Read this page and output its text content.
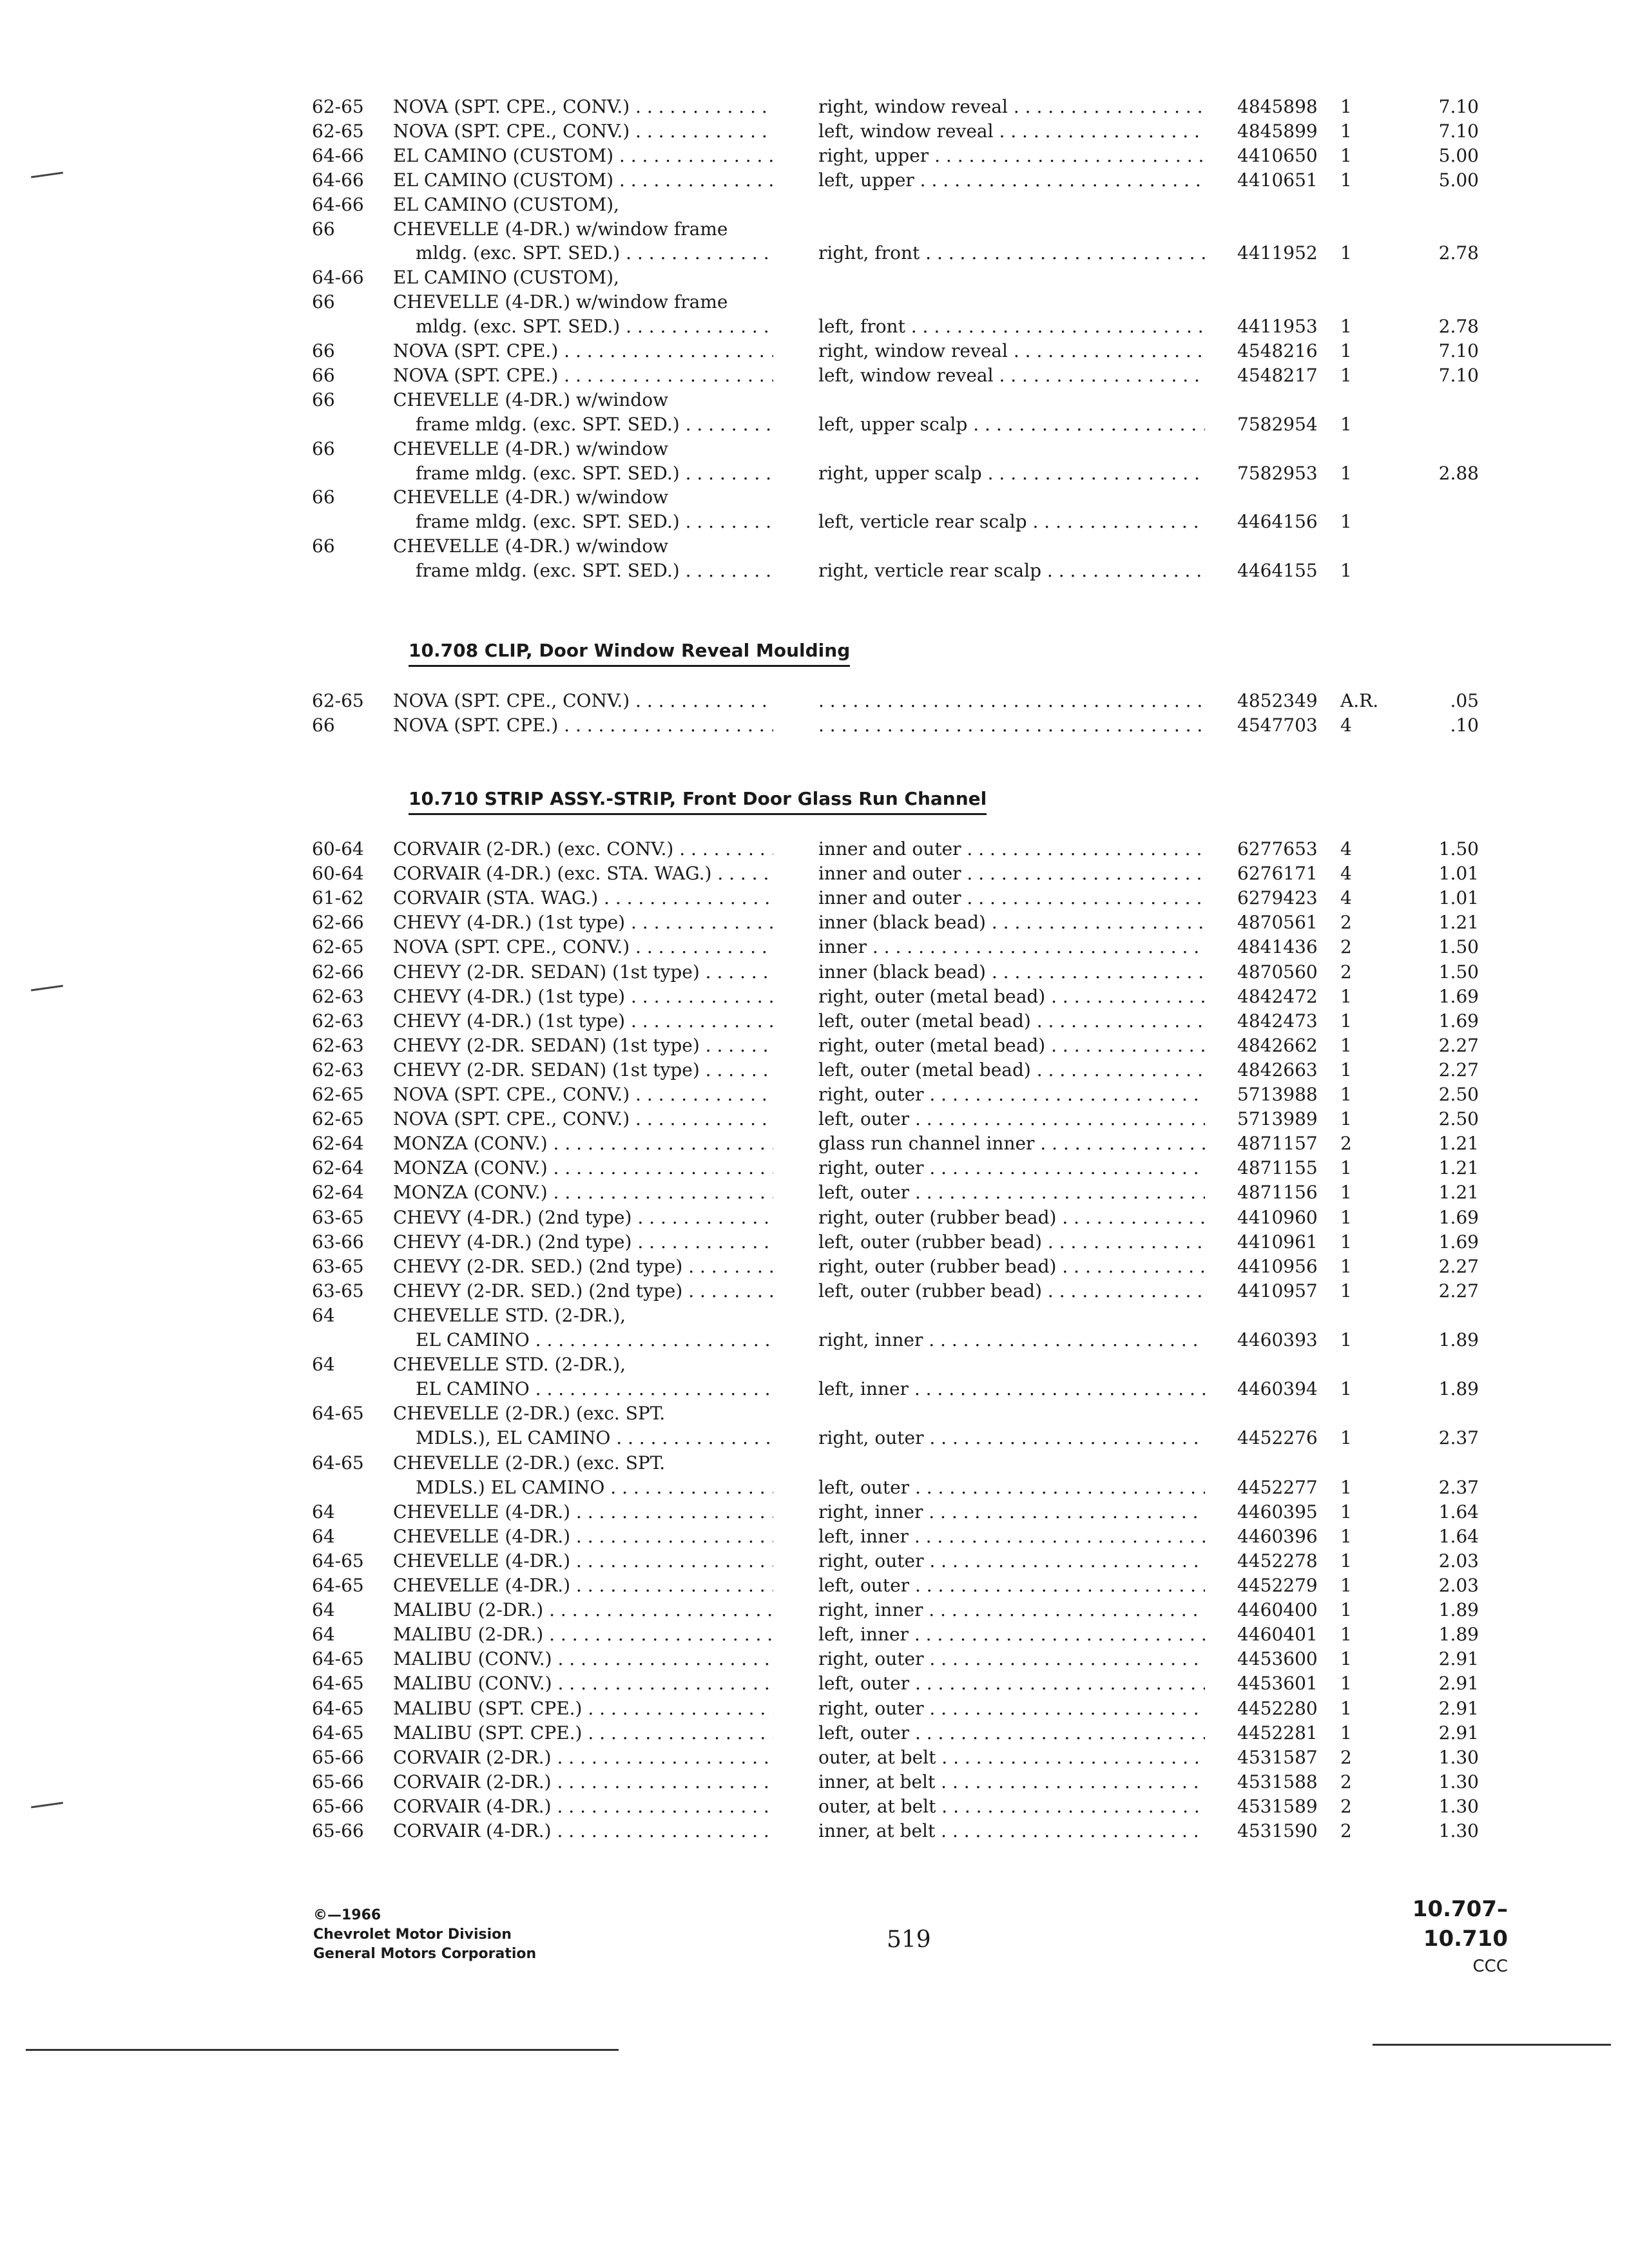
62-65 NOVA (SPT. CPE., CONV.) . . .	right, window reveal . . .	4845898 1	7.10
62-65 NOVA (SPT. CPE., CONV.) . . .	left, window reveal . . .	4845899 1	7.10
64-66 EL CAMINO (CUSTOM) . . .	right, upper . . .	4410650 1	5.00
64-66 EL CAMINO (CUSTOM) . . .	left, upper . . .	4410651 1	5.00
64-66 EL CAMINO (CUSTOM),
66	CHEVELLE (4-DR.) w/window frame
mldg. (exc. SPT. SED.) . . .	right, front . . .	4411952 1	2.78
64-66 EL CAMINO (CUSTOM),
66	CHEVELLE (4-DR.) w/window frame
mldg. (exc. SPT. SED.) . . .	left, front . . .	4411953 1	2.78
66	NOVA (SPT. CPE.) . . .	right, window reveal . . .	4548216 1	7.10
66	NOVA (SPT. CPE.) . . .	left, window reveal . . .	4548217 1	7.10
66	CHEVELLE (4-DR.) w/window
frame mldg. (exc. SPT. SED.) . . .	left, upper scalp . . .	7582954 1
66	CHEVELLE (4-DR.) w/window
frame mldg. (exc. SPT. SED.) . . .	right, upper scalp . . .	7582953 1	2.88
66	CHEVELLE (4-DR.) w/window
frame mldg. (exc. SPT. SED.) . . .	left, verticle rear scalp . . .	4464156 1
66	CHEVELLE (4-DR.) w/window
frame mldg. (exc. SPT. SED.) . . .	right, verticle rear scalp . . .	4464155 1
10.708 CLIP, Door Window Reveal Moulding
62-65 NOVA (SPT. CPE., CONV.) . . . . . .	4852349 A.R.	.05
66	NOVA (SPT. CPE.) . . . . . .	4547703 4	.10
10.710 STRIP ASSY.-STRIP, Front Door Glass Run Channel
60-64 CORVAIR (2-DR.) (exc. CONV.) . . .	inner and outer . . .	6277653 4	1.50
60-64 CORVAIR (4-DR.) (exc. STA. WAG.) . . .	inner and outer . . .	6276171 4	1.01
61-62 CORVAIR (STA. WAG.) . . .	inner and outer . . .	6279423 4	1.01
62-66 CHEVY (4-DR.) (1st type) . . .	inner (black bead) . . .	4870561 2	1.21
62-65 NOVA (SPT. CPE., CONV.) . . .	inner . . .	4841436 2	1.50
62-66 CHEVY (2-DR. SEDAN) (1st type) . . .	inner (black bead) . . .	4870560 2	1.50
62-63 CHEVY (4-DR.) (1st type) . . .	right, outer (metal bead) . . .	4842472 1	1.69
62-63 CHEVY (4-DR.) (1st type) . . .	left, outer (metal bead) . . .	4842473 1	1.69
62-63 CHEVY (2-DR. SEDAN) (1st type) . . .	right, outer (metal bead) . . .	4842662 1	2.27
62-63 CHEVY (2-DR. SEDAN) (1st type) . . .	left, outer (metal bead) . . .	4842663 1	2.27
62-65 NOVA (SPT. CPE., CONV.) . . .	right, outer . . .	5713988 1	2.50
62-65 NOVA (SPT. CPE., CONV.) . . .	left, outer . . .	5713989 1	2.50
62-64 MONZA (CONV.) . . .	glass run channel inner . . .	4871157 2	1.21
62-64 MONZA (CONV.) . . .	right, outer . . .	4871155 1	1.21
62-64 MONZA (CONV.) . . .	left, outer . . .	4871156 1	1.21
63-65 CHEVY (4-DR.) (2nd type) . . .	right, outer (rubber bead) . . .	4410960 1	1.69
63-66 CHEVY (4-DR.) (2nd type) . . .	left, outer (rubber bead) . . .	4410961 1	1.69
63-65 CHEVY (2-DR. SED.) (2nd type) . . .	right, outer (rubber bead) . . .	4410956 1	2.27
63-65 CHEVY (2-DR. SED.) (2nd type) . . .	left, outer (rubber bead) . . .	4410957 1	2.27
64	CHEVELLE STD. (2-DR.),
EL CAMINO . . .	right, inner . . .	4460393 1	1.89
64	CHEVELLE STD. (2-DR.),
EL CAMINO . . .	left, inner . . .	4460394 1	1.89
64-65 CHEVELLE (2-DR.) (exc. SPT.
MDLS.), EL CAMINO . . .	right, outer . . .	4452276 1	2.37
64-65 CHEVELLE (2-DR.) (exc. SPT.
MDLS.) EL CAMINO . . .	left, outer . . .	4452277 1	2.37
64	CHEVELLE (4-DR.) . . .	right, inner . . .	4460395 1	1.64
64	CHEVELLE (4-DR.) . . .	left, inner . . .	4460396 1	1.64
64-65 CHEVELLE (4-DR.) . . .	right, outer . . .	4452278 1	2.03
64-65 CHEVELLE (4-DR.) . . .	left, outer . . .	4452279 1	2.03
64	MALIBU (2-DR.) . . .	right, inner . . .	4460400 1	1.89
64	MALIBU (2-DR.) . . .	left, inner . . .	4460401 1	1.89
64-65 MALIBU (CONV.) . . .	right, outer . . .	4453600 1	2.91
64-65 MALIBU (CONV.) . . .	left, outer . . .	4453601 1	2.91
64-65 MALIBU (SPT. CPE.) . . .	right, outer . . .	4452280 1	2.91
64-65 MALIBU (SPT. CPE.) . . .	left, outer . . .	4452281 1	2.91
65-66 CORVAIR (2-DR.) . . .	outer, at belt . . .	4531587 2	1.30
65-66 CORVAIR (2-DR.) . . .	inner, at belt . . .	4531588 2	1.30
65-66 CORVAIR (4-DR.) . . .	outer, at belt . . .	4531589 2	1.30
65-66 CORVAIR (4-DR.) . . .	inner, at belt . . .	4531590 2	1.30
©—1966
Chevrolet Motor Division
General Motors Corporation
519
10.707–10.710
CCC
